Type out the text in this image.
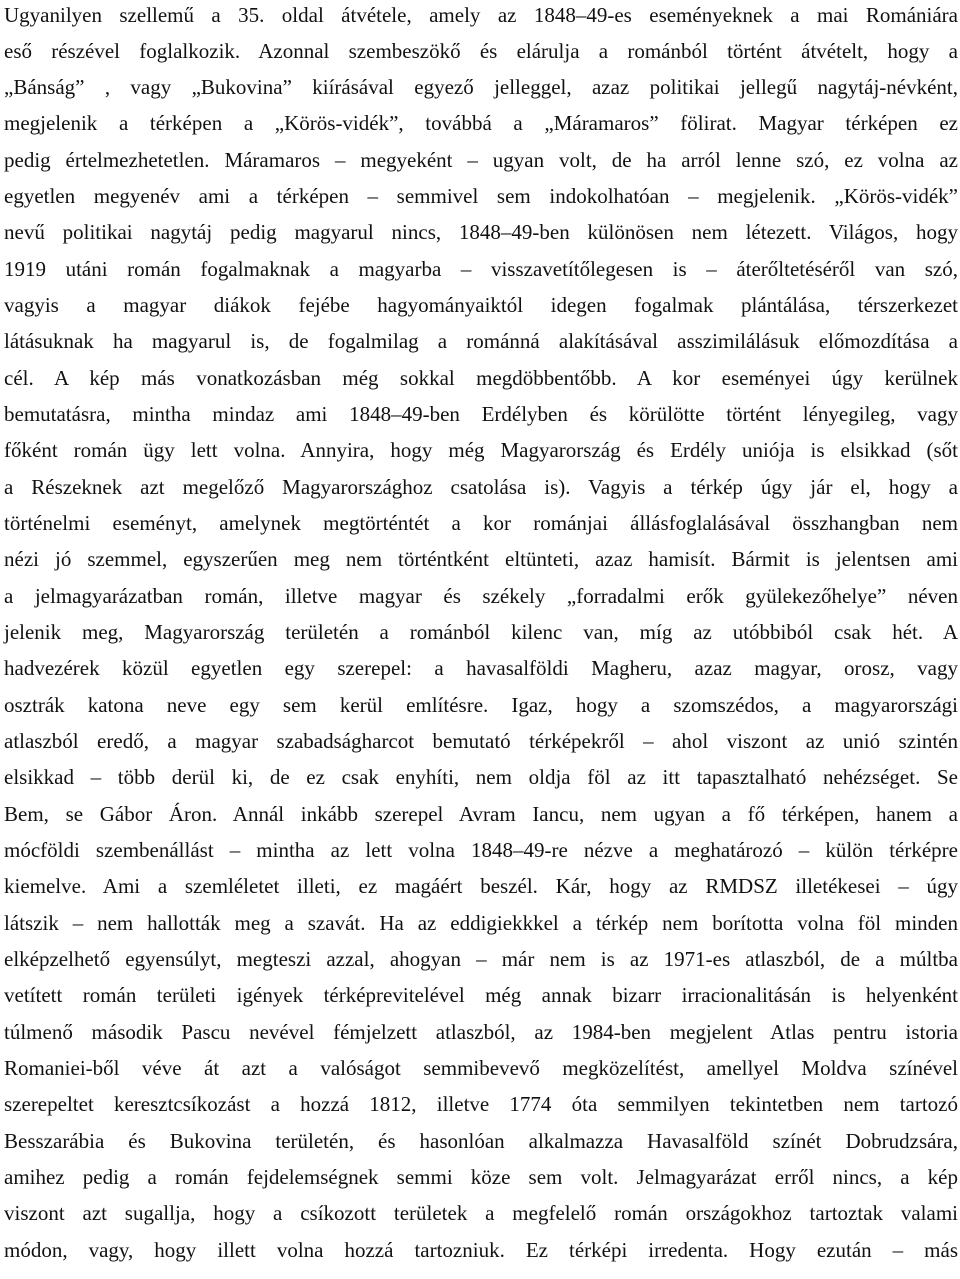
Ugyanilyen szellemű a 35. oldal átvétele, amely az 1848–49-es eseményeknek a mai Romániára
eső részével foglalkozik. Azonnal szembeszökő és elárulja a románból történt átvételt, hogy a
„Bánság” , vagy „Bukovina” kiírásával egyező jelleggel, azaz politikai jellegű nagytáj-névként,
megjelenik a térképen a „Körös-vidék”, továbbá a „Máramaros” fölirat. Magyar térképen ez
pedig értelmezhetetlen. Máramaros – megyeként – ugyan volt, de ha arról lenne szó, ez volna az
egyetlen megyenév ami a térképen – semmivel sem indokolhatóan – megjelenik. „Körös-vidék”
nevű politikai nagytáj pedig magyarul nincs, 1848–49-ben különösen nem létezett. Világos, hogy
1919 utáni román fogalmaknak a magyarba – visszavetítőlegesen is – áterőltetéséről van szó,
vagyis a magyar diákok fejébe hagyományaiktól idegen fogalmak plántálása, térszerkezet
látásuknak ha magyarul is, de fogalmilag a románná alakításával asszimilálásuk előmozdítása a
cél. A kép más vonatkozásban még sokkal megdöbbentőbb. A kor eseményei úgy kerülnek
bemutatásra, mintha mindaz ami 1848–49-ben Erdélyben és körülötte történt lényegileg, vagy
főként román ügy lett volna. Annyira, hogy még Magyarország és Erdély uniója is elsikkad (sőt
a Részeknek azt megelőző Magyarországhoz csatolása is). Vagyis a térkép úgy jár el, hogy a
történelmi eseményt, amelynek megtörténtét a kor románjai állásfoglalásával összhangban nem
nézi jó szemmel, egyszerűen meg nem történtként eltünteti, azaz hamisít. Bármit is jelentsen ami
a jelmagyarázatban román, illetve magyar és székely „forradalmi erők gyülekezőhelye” néven
jelenik meg, Magyarország területén a románból kilenc van, míg az utóbbiból csak hét. A
hadvezérek közül egyetlen egy szerepel: a havasalföldi Magheru, azaz magyar, orosz, vagy
osztrák katona neve egy sem kerül említésre. Igaz, hogy a szomszédos, a magyarországi
atlaszból eredő, a magyar szabadságharcot bemutató térképekről – ahol viszont az unió szintén
elsikkad – több derül ki, de ez csak enyhíti, nem oldja föl az itt tapasztalható nehézséget. Se
Bem, se Gábor Áron. Annál inkább szerepel Avram Iancu, nem ugyan a fő térképen, hanem a
mócföldi szembenállást – mintha az lett volna 1848–49-re nézve a meghatározó – külön térképre
kiemelve. Ami a szemléletet illeti, ez magáért beszél. Kár, hogy az RMDSZ illetékesei – úgy
látszik – nem hallották meg a szavát. Ha az eddigiekkkel a térkép nem borította volna föl minden
elképzelhető egyensúlyt, megteszi azzal, ahogyan – már nem is az 1971-es atlaszból, de a múltba
vetített román területi igények térképrevitelével még annak bizarr irracionalitásán is helyenként
túlmenő második Pascu nevével fémjelzett atlaszból, az 1984-ben megjelent Atlas pentru istoria
Romaniei-ből véve át azt a valóságot semmibevevő megközelítést, amellyel Moldva színével
szerepeltet keresztcsíkozást a hozzá 1812, illetve 1774 óta semmilyen tekintetben nem tartozó
Besszarábia és Bukovina területén, és hasonlóan alkalmazza Havasalföld színét Dobrudzsára,
amihez pedig a román fejdelemségnek semmi köze sem volt. Jelmagyarázat erről nincs, a kép
viszont azt sugallja, hogy a csíkozott területek a megfelelő román országokhoz tartoztak valami
módon, vagy, hogy illett volna hozzá tartozniuk. Ez térképi irredenta. Hogy ezután – más
